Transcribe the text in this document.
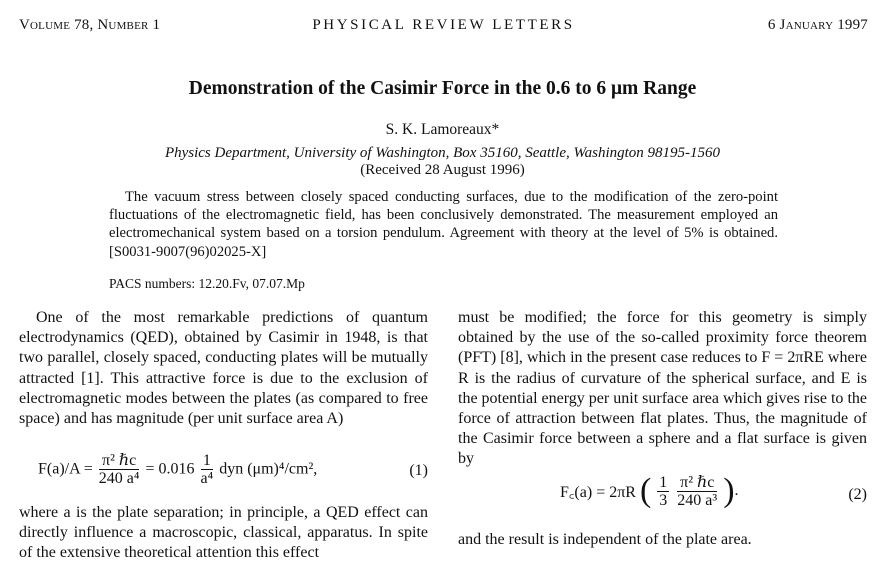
Volume 78, Number 1	PHYSICAL REVIEW LETTERS	6 January 1997
Demonstration of the Casimir Force in the 0.6 to 6 μm Range
S. K. Lamoreaux*
Physics Department, University of Washington, Box 35160, Seattle, Washington 98195-1560
(Received 28 August 1996)
The vacuum stress between closely spaced conducting surfaces, due to the modification of the zero-point fluctuations of the electromagnetic field, has been conclusively demonstrated. The measurement employed an electromechanical system based on a torsion pendulum. Agreement with theory at the level of 5% is obtained. [S0031-9007(96)02025-X]
PACS numbers: 12.20.Fv, 07.07.Mp

One of the most remarkable predictions of quantum electrodynamics (QED), obtained by Casimir in 1948, is that two parallel, closely spaced, conducting plates will be mutually attracted [1]. This attractive force is due to the exclusion of electromagnetic modes between the plates (as compared to free space) and has magnitude (per unit surface area A)

$F(a)/A = \frac{\text{π² ℏc}}{\text{240 a⁴}} = 0.016 \frac{1}{\text{a⁴}}$ dyn (μm)⁴/cm²,	(1)
where a is the plate separation; in principle, a QED effect can directly influence a macroscopic, classical, apparatus. In spite of the extensive theoretical attention this effect

must be modified; the force for this geometry is simply obtained by the use of the so-called proximity force theorem (PFT) [8], which in the present case reduces to F = 2πRE where R is the radius of curvature of the spherical surface, and E is the potential energy per unit surface area which gives rise to the force of attraction between flat plates. Thus, the magnitude of the Casimir force between a sphere and a flat surface is given by

F꜀(a) = 2πR ( $\frac{1}{3}$
$\frac{\text{π² ℏc}}{\text{240 a³}}$ ).	(2)
and the result is independent of the plate area.
